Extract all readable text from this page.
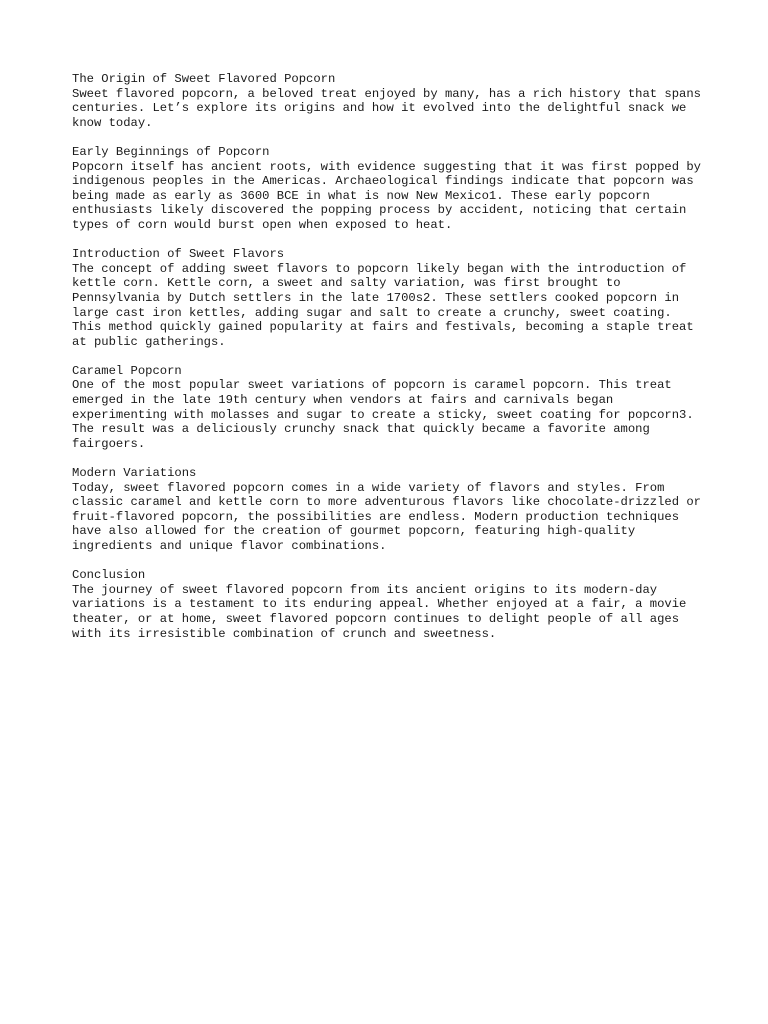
The Origin of Sweet Flavored Popcorn

Sweet flavored popcorn, a beloved treat enjoyed by many, has a rich history that spans centuries. Let’s explore its origins and how it evolved into the delightful snack we know today.

Early Beginnings of Popcorn

Popcorn itself has ancient roots, with evidence suggesting that it was first popped by indigenous peoples in the Americas. Archaeological findings indicate that popcorn was being made as early as 3600 BCE in what is now New Mexico1. These early popcorn enthusiasts likely discovered the popping process by accident, noticing that certain types of corn would burst open when exposed to heat.

Introduction of Sweet Flavors

The concept of adding sweet flavors to popcorn likely began with the introduction of kettle corn. Kettle corn, a sweet and salty variation, was first brought to Pennsylvania by Dutch settlers in the late 1700s2. These settlers cooked popcorn in large cast iron kettles, adding sugar and salt to create a crunchy, sweet coating. This method quickly gained popularity at fairs and festivals, becoming a staple treat at public gatherings.

Caramel Popcorn

One of the most popular sweet variations of popcorn is caramel popcorn. This treat emerged in the late 19th century when vendors at fairs and carnivals began experimenting with molasses and sugar to create a sticky, sweet coating for popcorn3. The result was a deliciously crunchy snack that quickly became a favorite among fairgoers.

Modern Variations

Today, sweet flavored popcorn comes in a wide variety of flavors and styles. From classic caramel and kettle corn to more adventurous flavors like chocolate-drizzled or fruit-flavored popcorn, the possibilities are endless. Modern production techniques have also allowed for the creation of gourmet popcorn, featuring high-quality ingredients and unique flavor combinations.

Conclusion

The journey of sweet flavored popcorn from its ancient origins to its modern-day variations is a testament to its enduring appeal. Whether enjoyed at a fair, a movie theater, or at home, sweet flavored popcorn continues to delight people of all ages with its irresistible combination of crunch and sweetness.
